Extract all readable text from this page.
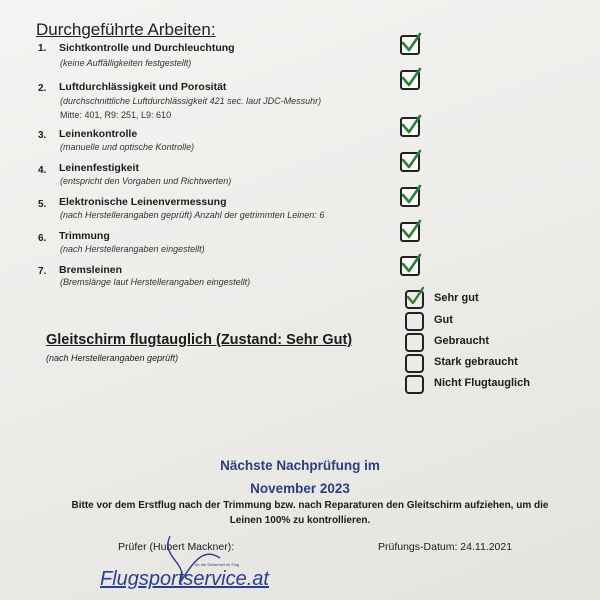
Durchgeführte Arbeiten:
1. Sichtkontrolle und Durchleuchtung
(keine Auffälligkeiten festgestellt)
2. Luftdurchlässigkeit und Porosität
(durchschnittliche Luftdurchlässigkeit 421 sec. laut JDC-Messuhr)
Mitte: 401, R9: 251, L9: 610
3. Leinenkontrolle
(manuelle und optische Kontrolle)
4. Leinenfestigkeit
(entspricht den Vorgaben und Richtwerten)
5. Elektronische Leinenvermessung
(nach Herstellerangaben geprüft) Anzahl der getrimmten Leinen: 6
6. Trimmung
(nach Herstellerangaben eingestellt)
7. Bremsleinen
(Bremslänge laut Herstellerangaben eingestellt)
Sehr gut
Gut
Gebraucht
Stark gebraucht
Nicht Flugtauglich
Gleitschirm flugtauglich (Zustand: Sehr Gut)
(nach Herstellerangaben geprüft)
Nächste Nachprüfung im
November 2023
Bitte vor dem Erstflug nach der Trimmung bzw. nach Reparaturen den Gleitschirm aufziehen, um die
Leinen 100% zu kontrollieren.
Prüfer (Hubert Mackner):	Prüfungs-Datum: 24.11.2021
für die Sicherheit im Flug
Flugsportservice.at
